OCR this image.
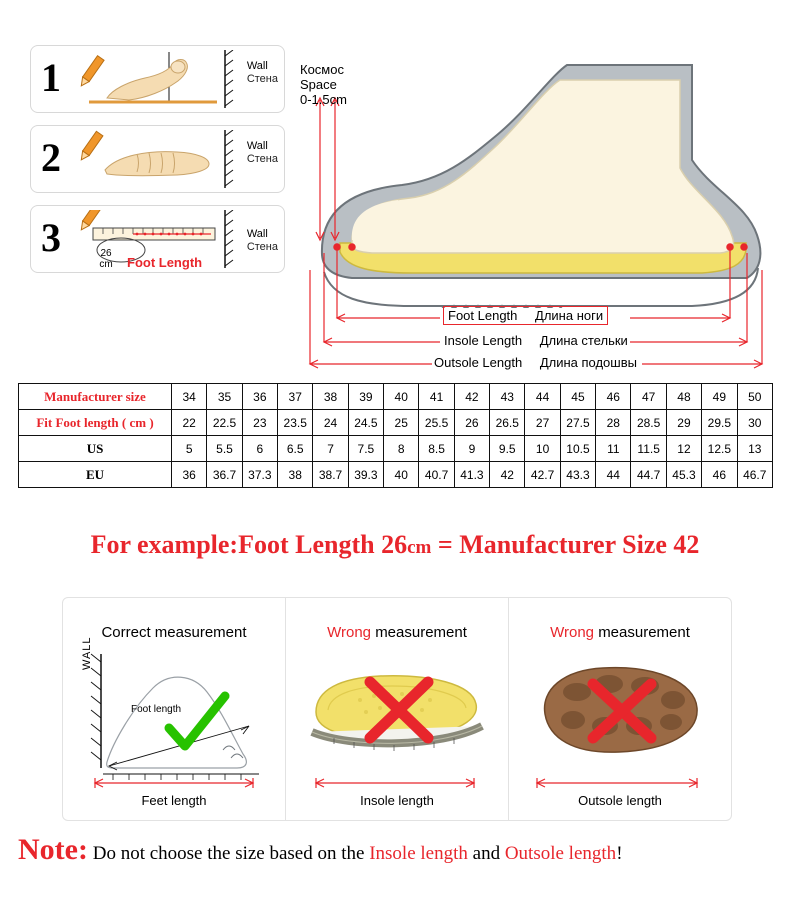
1	Wall
Стена
2	Wall
Стена
3	Wall
Стена
26
cm	Foot Length
Космос
Space
0-1.5cm
Foot Length Длина ноги
Insole Length Длина стельки
Outsole Length Длина подошвы
Manufacturer size	34	35	36	37	38	39	40	41	42	43	44	45	46	47	48	49	50
Fit Foot length ( cm )	22	22.5	23	23.5	24	24.5	25	25.5	26	26.5	27	27.5	28	28.5	29	29.5	30
US	5	5.5	6	6.5	7	7.5	8	8.5	9	9.5	10	10.5	11	11.5	12	12.5	13
EU	36	36.7	37.3	38	38.7	39.3	40	40.7	41.3	42	42.7	43.3	44	44.7	45.3	46	46.7
For example:Foot Length 26cm = Manufacturer Size 42
Correct measurement
WALL
Foot length
Feet length
Wrong measurement
Insole length
Wrong measurement
Outsole length
Note: Do not choose the size based on the Insole length and Outsole length!
